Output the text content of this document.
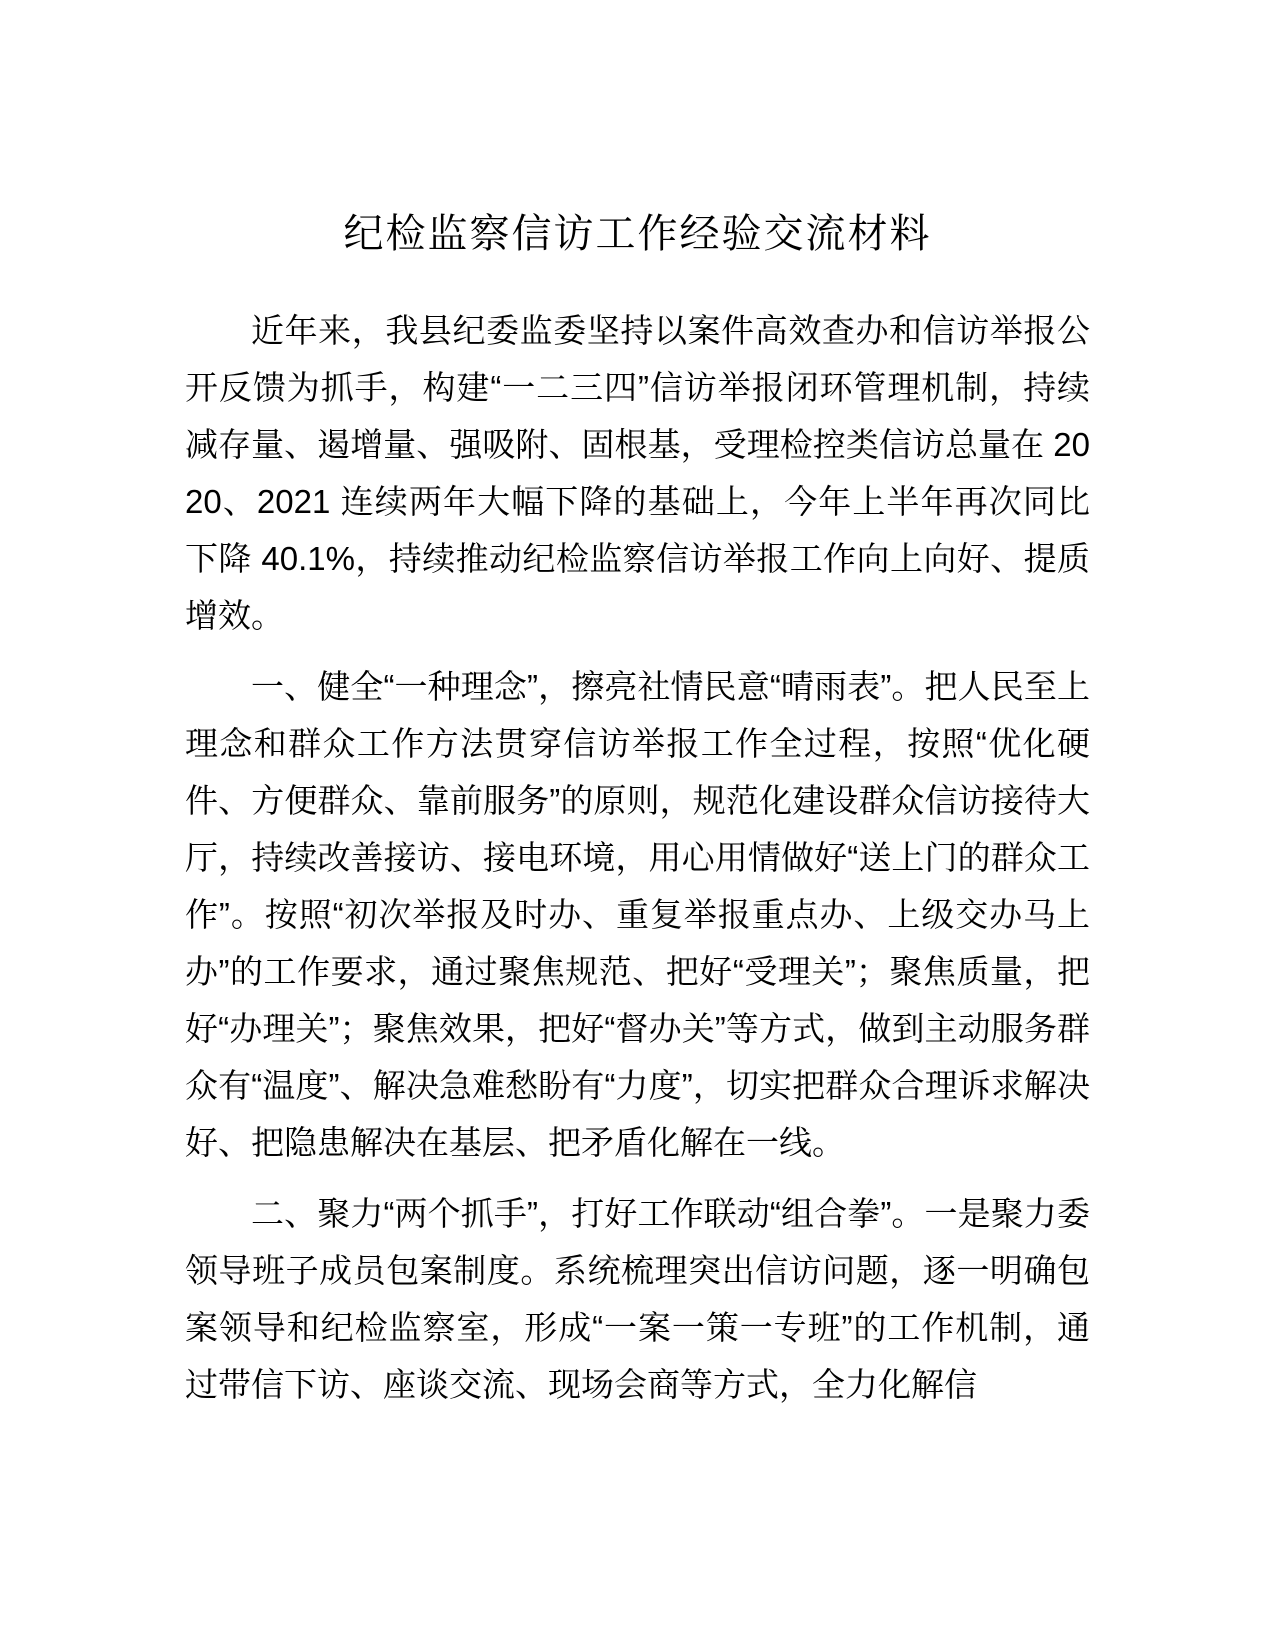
纪检监察信访工作经验交流材料

近年来，我县纪委监委坚持以案件高效查办和信访举报公开反馈为抓手，构建“一二三四”信访举报闭环管理机制，持续减存量、遏增量、强吸附、固根基，受理检控类信访总量在 2020、2021 连续两年大幅下降的基础上，今年上半年再次同比下降 40.1%，持续推动纪检监察信访举报工作向上向好、提质增效。

一、健全“一种理念”，擦亮社情民意“晴雨表”。把人民至上理念和群众工作方法贯穿信访举报工作全过程，按照“优化硬件、方便群众、靠前服务”的原则，规范化建设群众信访接待大厅，持续改善接访、接电环境，用心用情做好“送上门的群众工作”。按照“初次举报及时办、重复举报重点办、上级交办马上办”的工作要求，通过聚焦规范、把好“受理关”；聚焦质量，把好“办理关”；聚焦效果，把好“督办关”等方式，做到主动服务群众有“温度”、解决急难愁盼有“力度”，切实把群众合理诉求解决好、把隐患解决在基层、把矛盾化解在一线。

二、聚力“两个抓手”，打好工作联动“组合拳”。一是聚力委领导班子成员包案制度。系统梳理突出信访问题，逐一明确包案领导和纪检监察室，形成“一案一策一专班”的工作机制，通过带信下访、座谈交流、现场会商等方式，全力化解信
